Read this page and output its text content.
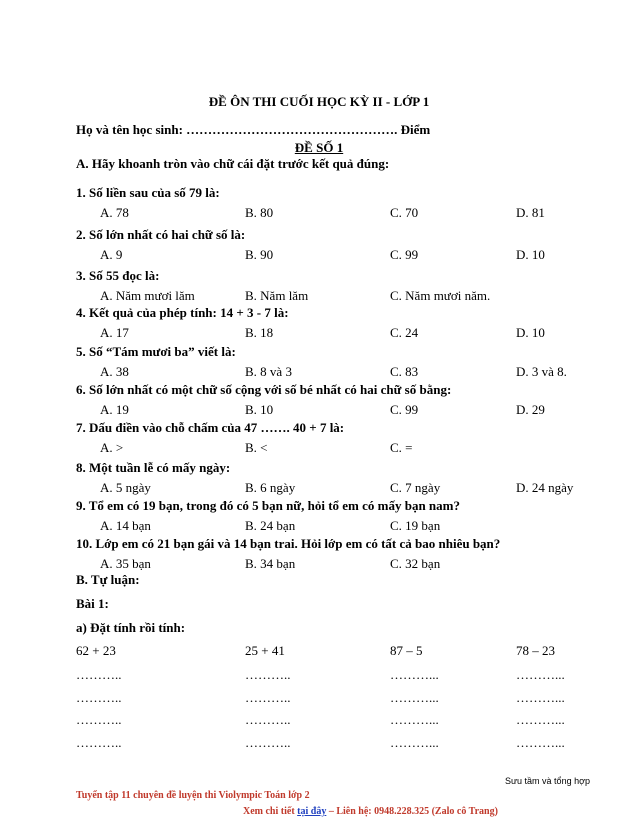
ĐỀ ÔN THI CUỐI HỌC KỲ II - LỚP 1
Họ và tên học sinh: …………………………………………. Điểm
ĐỀ SỐ 1
A. Hãy khoanh tròn vào chữ cái đặt trước kết quả đúng:
1. Số liền sau của số 79 là:
A. 78	B. 80	C. 70	D. 81
2. Số lớn nhất có hai chữ số là:
A. 9	B. 90	C. 99	D. 10
3. Số 55 đọc là:
A. Năm mươi lăm	B. Năm lăm	C. Năm mươi năm.
4. Kết quả của phép tính: 14 + 3 - 7 là:
A. 17	B. 18	C. 24	D. 10
5. Số “Tám mươi ba” viết là:
A. 38	B. 8 và 3	C. 83	D. 3 và 8.
6. Số lớn nhất có một chữ số cộng với số bé nhất có hai chữ số bằng:
A. 19	B. 10	C. 99	D. 29
7. Dấu điền vào chỗ chấm của 47 ……. 40 + 7 là:
A. >	B. <	C. =
8. Một tuần lễ có mấy ngày:
A. 5 ngày	B. 6 ngày	C. 7 ngày	D. 24 ngày
9. Tổ em có 19 bạn, trong đó có 5 bạn nữ, hỏi tổ em có mấy bạn nam?
A. 14 bạn	B. 24 bạn	C. 19 bạn
10. Lớp em có 21 bạn gái và 14 bạn trai. Hỏi lớp em có tất cả bao nhiêu bạn?
A. 35 bạn	B. 34 bạn	C. 32 bạn
B. Tự luận:
Bài 1:
a) Đặt tính rồi tính:
62 + 23	25 + 41	87 – 5	78 – 23
………..	………..	………...	………...
………..	………..	………...	………...
………..	………..	………...	………...
………..	………..	………...	………...
Sưu tầm và tổng hợp
Tuyển tập 11 chuyên đề luyện thi Violympic Toán lớp 2
Xem chi tiết tại đây – Liên hệ: 0948.228.325 (Zalo cô Trang)
